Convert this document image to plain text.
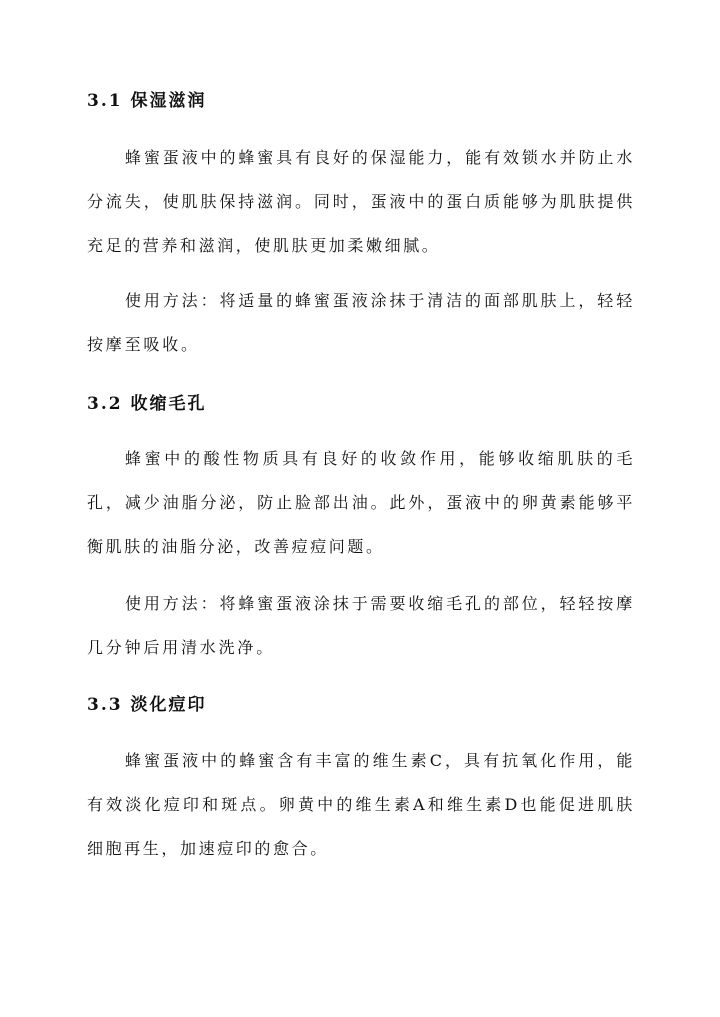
3.1 保湿滋润

蜂蜜蛋液中的蜂蜜具有良好的保湿能力，能有效锁水并防止水分流失，使肌肤保持滋润。同时，蛋液中的蛋白质能够为肌肤提供充足的营养和滋润，使肌肤更加柔嫩细腻。

使用方法：将适量的蜂蜜蛋液涂抹于清洁的面部肌肤上，轻轻按摩至吸收。

3.2 收缩毛孔

蜂蜜中的酸性物质具有良好的收敛作用，能够收缩肌肤的毛孔，减少油脂分泌，防止脸部出油。此外，蛋液中的卵黄素能够平衡肌肤的油脂分泌，改善痘痘问题。

使用方法：将蜂蜜蛋液涂抹于需要收缩毛孔的部位，轻轻按摩几分钟后用清水洗净。

3.3 淡化痘印

蜂蜜蛋液中的蜂蜜含有丰富的维生素C，具有抗氧化作用，能有效淡化痘印和斑点。卵黄中的维生素A和维生素D也能促进肌肤细胞再生，加速痘印的愈合。
